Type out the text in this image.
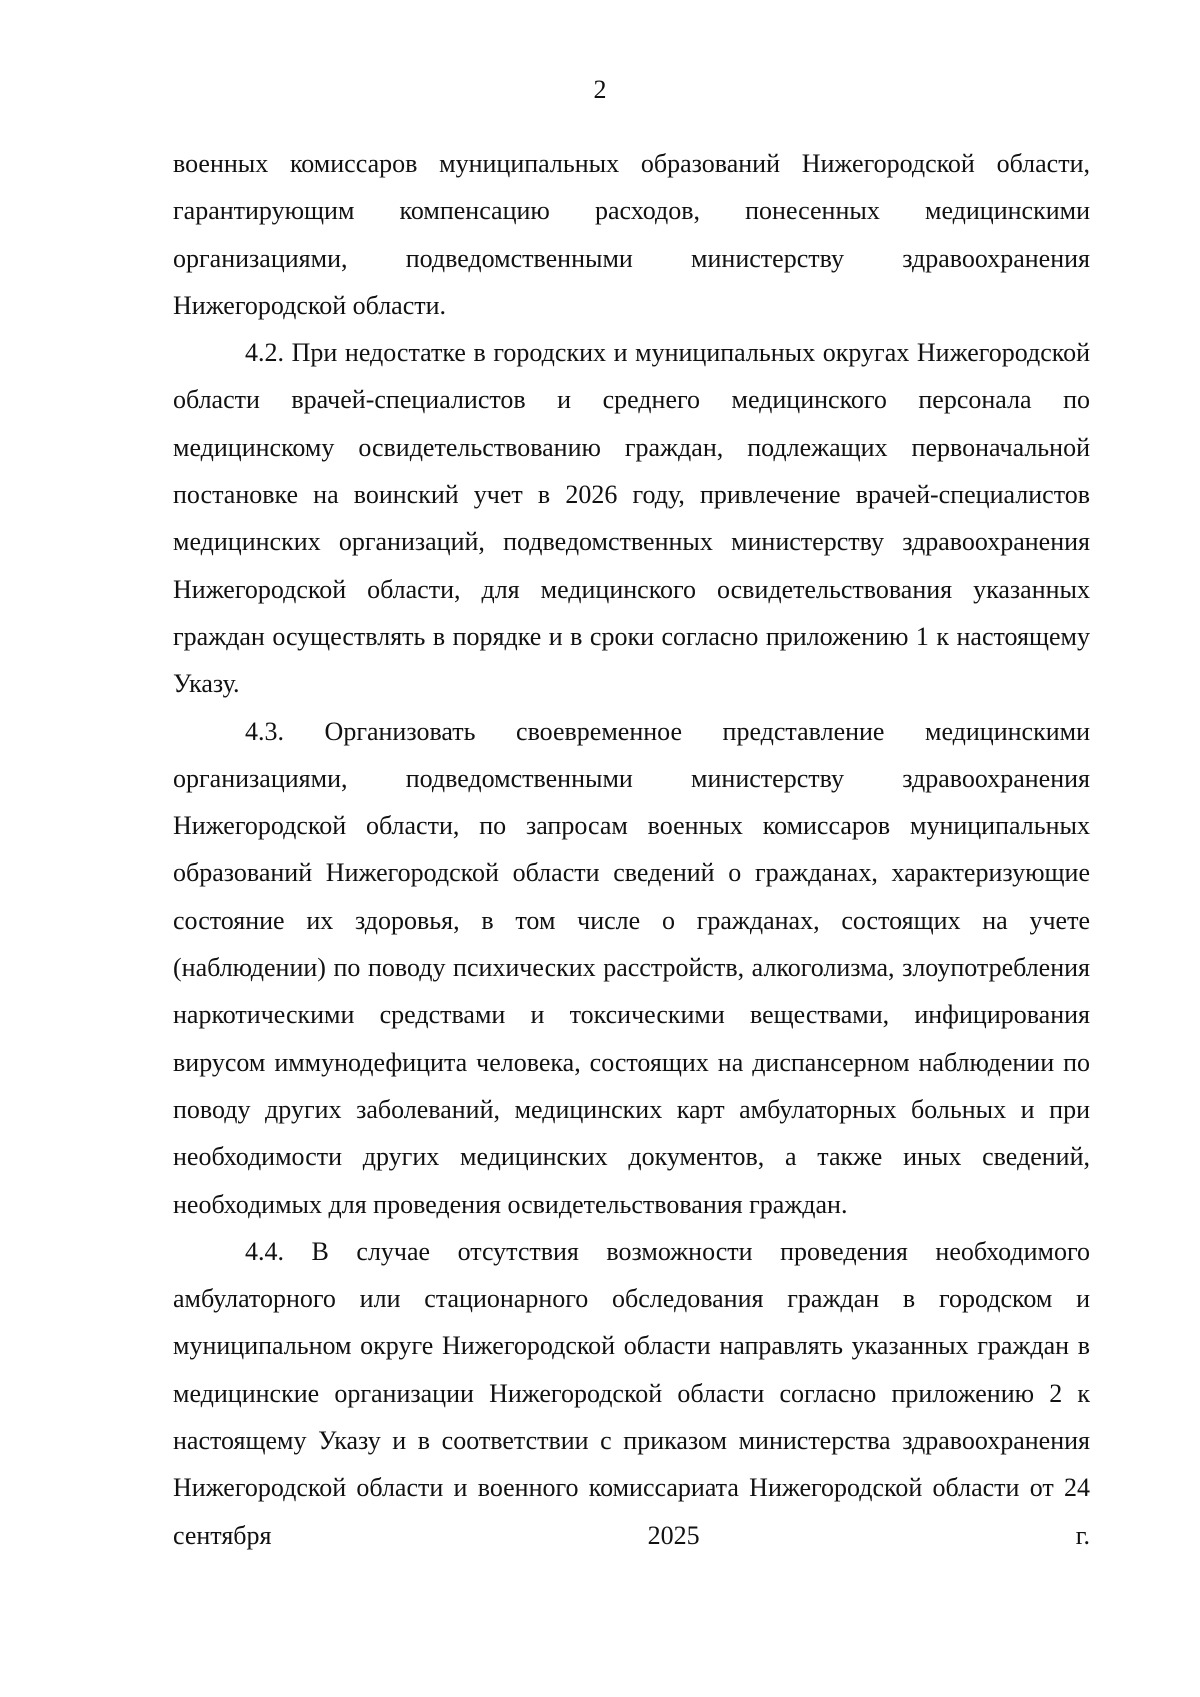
2

военных комиссаров муниципальных образований Нижегородской области, гарантирующим компенсацию расходов, понесенных медицинскими организациями, подведомственными министерству здравоохранения Нижегородской области.

4.2. При недостатке в городских и муниципальных округах Нижегородской области врачей-специалистов и среднего медицинского персонала по медицинскому освидетельствованию граждан, подлежащих первоначальной постановке на воинский учет в 2026 году, привлечение врачей-специалистов медицинских организаций, подведомственных министерству здравоохранения Нижегородской области, для медицинского освидетельствования указанных граждан осуществлять в порядке и в сроки согласно приложению 1 к настоящему Указу.

4.3. Организовать своевременное представление медицинскими организациями, подведомственными министерству здравоохранения Нижегородской области, по запросам военных комиссаров муниципальных образований Нижегородской области сведений о гражданах, характеризующие состояние их здоровья, в том числе о гражданах, состоящих на учете (наблюдении) по поводу психических расстройств, алкоголизма, злоупотребления наркотическими средствами и токсическими веществами, инфицирования вирусом иммунодефицита человека, состоящих на диспансерном наблюдении по поводу других заболеваний, медицинских карт амбулаторных больных и при необходимости других медицинских документов, а также иных сведений, необходимых для проведения освидетельствования граждан.

4.4. В случае отсутствия возможности проведения необходимого амбулаторного или стационарного обследования граждан в городском и муниципальном округе Нижегородской области направлять указанных граждан в медицинские организации Нижегородской области согласно приложению 2 к настоящему Указу и в соответствии с приказом министерства здравоохранения Нижегородской области и военного комиссариата Нижегородской области от 24 сентября 2025 г.
